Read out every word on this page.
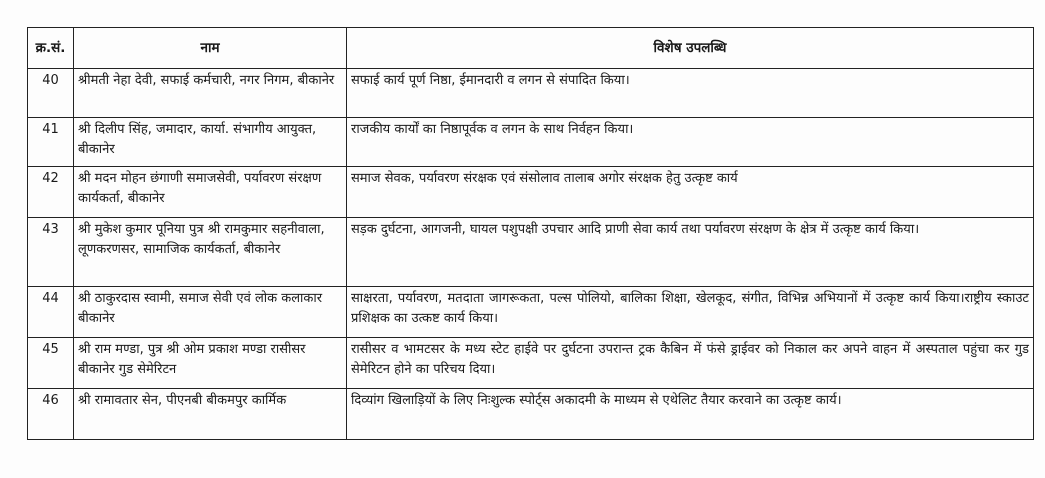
क्र.सं.	नाम	विशेष उपलब्धि
40	श्रीमती नेहा देवी, सफाई कर्मचारी, नगर निगम, बीकानेर	सफाई कार्य पूर्ण निष्ठा, ईमानदारी व लगन से संपादित किया।
41	श्री दिलीप सिंह, जमादार, कार्या. संभागीय आयुक्त, बीकानेर	राजकीय कार्यों का निष्ठापूर्वक व लगन के साथ निर्वहन किया।
42	श्री मदन मोहन छंगाणी समाजसेवी, पर्यावरण संरक्षण कार्यकर्ता, बीकानेर	समाज सेवक, पर्यावरण संरक्षक एवं संसोलाव तालाब अगोर संरक्षक हेतु उत्कृष्ट कार्य
43	श्री मुकेश कुमार पूनिया पुत्र श्री रामकुमार सहनीवाला, लूणकरणसर, सामाजिक कार्यकर्ता, बीकानेर	सड़क दुर्घटना, आगजनी, घायल पशुपक्षी उपचार आदि प्राणी सेवा कार्य तथा पर्यावरण संरक्षण के क्षेत्र में उत्कृष्ट कार्य किया।
44	श्री ठाकुरदास स्वामी, समाज सेवी एवं लोक कलाकार बीकानेर	साक्षरता, पर्यावरण, मतदाता जागरूकता, पल्स पोलियो, बालिका शिक्षा, खेलकूद, संगीत, विभिन्न अभियानों में उत्कृष्ट कार्य किया।राष्ट्रीय स्काउट प्रशिक्षक का उत्कष्ट कार्य किया।
45	श्री राम मण्डा, पुत्र श्री ओम प्रकाश मण्डा रासीसर बीकानेर गुड सेमेरिटन	रासीसर व भामटसर के मध्य स्टेट हाईवे पर दुर्घटना उपरान्त ट्रक कैबिन में फंसे ड्राईवर को निकाल कर अपने वाहन में अस्पताल पहुंचा कर गुड सेमेरिटन होने का परिचय दिया।
46	श्री रामावतार सेन, पीएनबी बीकमपुर कार्मिक	दिव्यांग खिलाड़ियों के लिए निःशुल्क स्पोर्ट्स अकादमी के माध्यम से एथेलिट तैयार करवाने का उत्कृष्ट कार्य।
